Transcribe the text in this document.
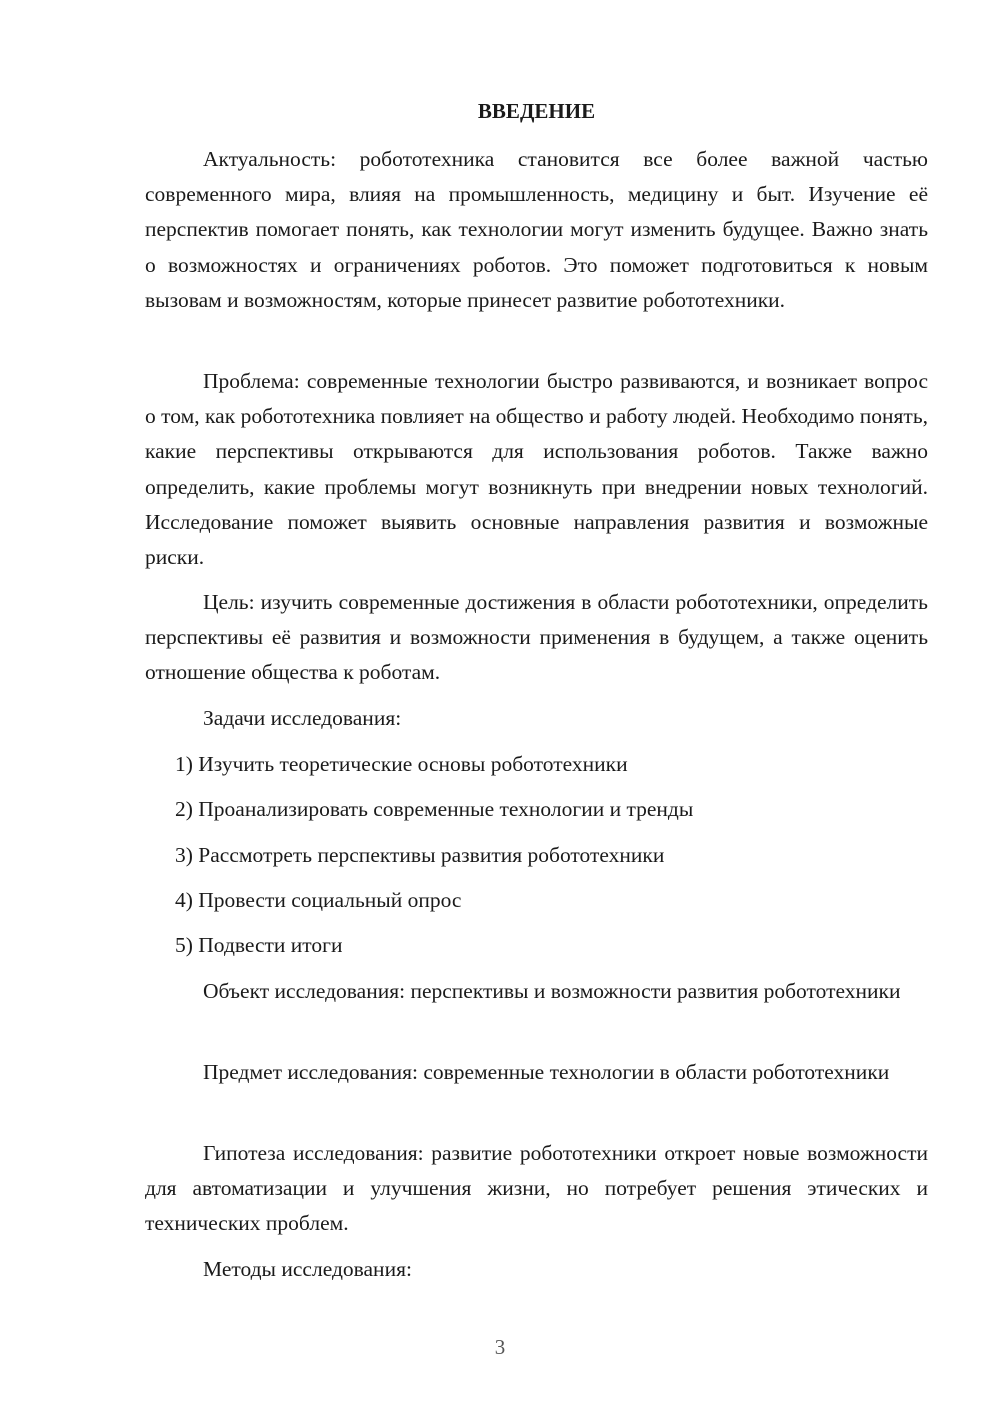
ВВЕДЕНИЕ

Актуальность: робототехника становится все более важной частью современного мира, влияя на промышленность, медицину и быт. Изучение её перспектив помогает понять, как технологии могут изменить будущее. Важно знать о возможностях и ограничениях роботов. Это поможет подготовиться к новым вызовам и возможностям, которые принесет развитие робототехники.

Проблема: современные технологии быстро развиваются, и возникает вопрос о том, как робототехника повлияет на общество и работу людей. Необходимо понять, какие перспективы открываются для использования роботов. Также важно определить, какие проблемы могут возникнуть при внедрении новых технологий. Исследование поможет выявить основные направления развития и возможные риски.

Цель: изучить современные достижения в области робототехники, определить перспективы её развития и возможности применения в будущем, а также оценить отношение общества к роботам.

Задачи исследования:

1) Изучить теоретические основы робототехники

2) Проанализировать современные технологии и тренды

3) Рассмотреть перспективы развития робототехники

4) Провести социальный опрос

5) Подвести итоги

Объект исследования: перспективы и возможности развития робототехники

Предмет исследования: современные технологии в области робототехники

Гипотеза исследования: развитие робототехники откроет новые возможности для автоматизации и улучшения жизни, но потребует решения этических и технических проблем.

Методы исследования:

3
